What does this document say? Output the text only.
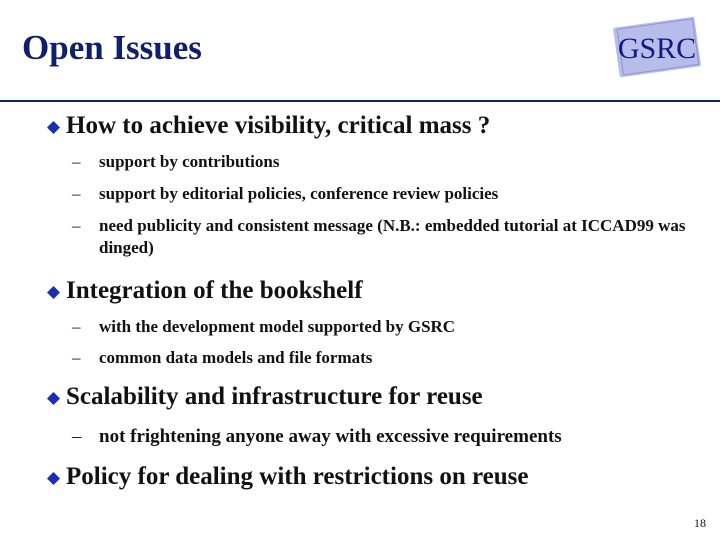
Open Issues	GSRC
How to achieve visibility, critical mass ?
– support by contributions
– support by editorial policies, conference review policies
– need publicity and consistent message (N.B.: embedded tutorial at ICCAD99 was dinged)
Integration of the bookshelf
– with the development model supported by GSRC
– common data models and file formats
Scalability and infrastructure for reuse
– not frightening anyone away with excessive requirements
Policy for dealing with restrictions on reuse
18
